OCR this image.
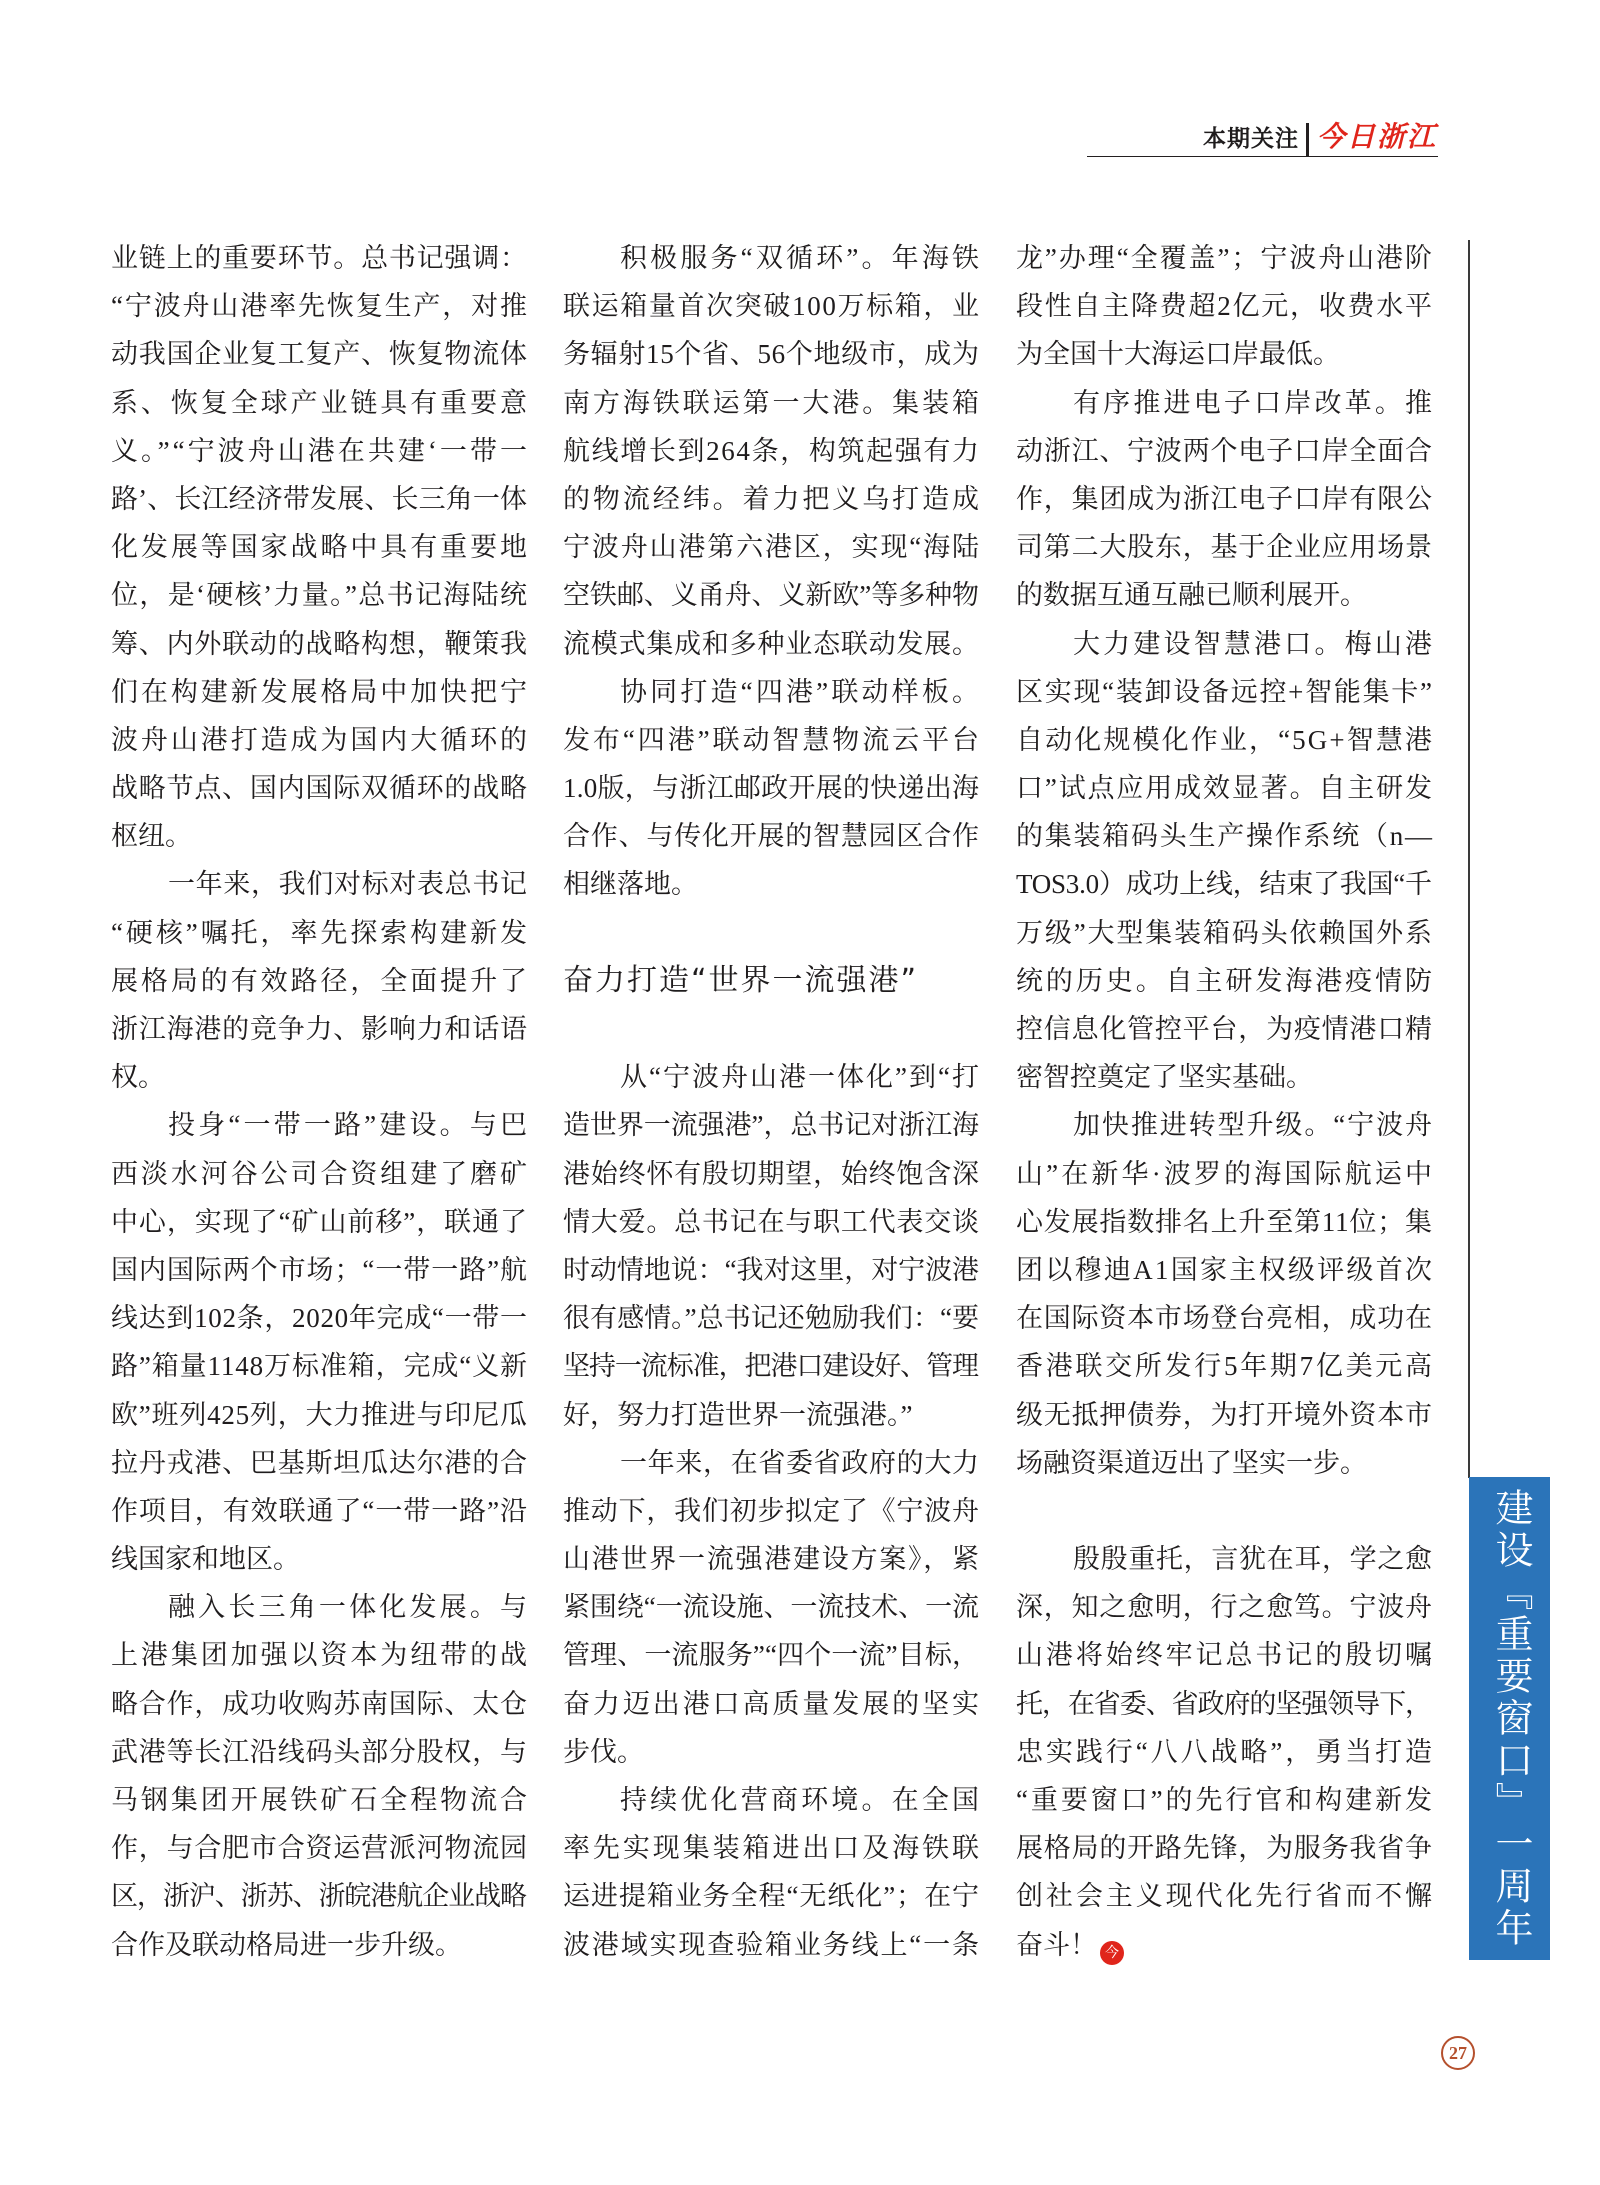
本期关注 今日浙江
业链上的重要环节。总书记强调：
“宁波舟山港率先恢复生产，对推
动我国企业复工复产、恢复物流体
系、恢复全球产业链具有重要意
义。”“宁波舟山港在共建‘一带一
路’、长江经济带发展、长三角一体
化发展等国家战略中具有重要地
位，是‘硬核’力量。”总书记海陆统
筹、内外联动的战略构想，鞭策我
们在构建新发展格局中加快把宁
波舟山港打造成为国内大循环的
战略节点、国内国际双循环的战略
枢纽。
一年来，我们对标对表总书记
“硬核”嘱托，率先探索构建新发
展格局的有效路径，全面提升了
浙江海港的竞争力、影响力和话语
权。
投身“一带一路”建设。与巴
西淡水河谷公司合资组建了磨矿
中心，实现了“矿山前移”，联通了
国内国际两个市场；“一带一路”航
线达到102条，2020年完成“一带一
路”箱量1148万标准箱，完成“义新
欧”班列425列，大力推进与印尼瓜
拉丹戎港、巴基斯坦瓜达尔港的合
作项目，有效联通了“一带一路”沿
线国家和地区。
融入长三角一体化发展。与
上港集团加强以资本为纽带的战
略合作，成功收购苏南国际、太仓
武港等长江沿线码头部分股权，与
马钢集团开展铁矿石全程物流合
作，与合肥市合资运营派河物流园
区，浙沪、浙苏、浙皖港航企业战略
合作及联动格局进一步升级。
积极服务“双循环”。年海铁
联运箱量首次突破100万标箱，业
务辐射15个省、56个地级市，成为
南方海铁联运第一大港。集装箱
航线增长到264条，构筑起强有力
的物流经纬。着力把义乌打造成
宁波舟山港第六港区，实现“海陆
空铁邮、义甬舟、义新欧”等多种物
流模式集成和多种业态联动发展。
协同打造“四港”联动样板。
发布“四港”联动智慧物流云平台
1.0版，与浙江邮政开展的快递出海
合作、与传化开展的智慧园区合作
相继落地。
奋力打造“世界一流强港”
从“宁波舟山港一体化”到“打
造世界一流强港”，总书记对浙江海
港始终怀有殷切期望，始终饱含深
情大爱。总书记在与职工代表交谈
时动情地说：“我对这里，对宁波港
很有感情。”总书记还勉励我们：“要
坚持一流标准，把港口建设好、管理
好，努力打造世界一流强港。”
一年来，在省委省政府的大力
推动下，我们初步拟定了《宁波舟
山港世界一流强港建设方案》，紧
紧围绕“一流设施、一流技术、一流
管理、一流服务”“四个一流”目标，
奋力迈出港口高质量发展的坚实
步伐。
持续优化营商环境。在全国
率先实现集装箱进出口及海铁联
运进提箱业务全程“无纸化”；在宁
波港域实现查验箱业务线上“一条
龙”办理“全覆盖”；宁波舟山港阶
段性自主降费超2亿元，收费水平
为全国十大海运口岸最低。
有序推进电子口岸改革。推
动浙江、宁波两个电子口岸全面合
作，集团成为浙江电子口岸有限公
司第二大股东，基于企业应用场景
的数据互通互融已顺利展开。
大力建设智慧港口。梅山港
区实现“装卸设备远控+智能集卡”
自动化规模化作业，“5G+智慧港
口”试点应用成效显著。自主研发
的集装箱码头生产操作系统（n—
TOS3.0）成功上线，结束了我国“千
万级”大型集装箱码头依赖国外系
统的历史。自主研发海港疫情防
控信息化管控平台，为疫情港口精
密智控奠定了坚实基础。
加快推进转型升级。“宁波舟
山”在新华·波罗的海国际航运中
心发展指数排名上升至第11位；集
团以穆迪A1国家主权级评级首次
在国际资本市场登台亮相，成功在
香港联交所发行5年期7亿美元高
级无抵押债券，为打开境外资本市
场融资渠道迈出了坚实一步。
殷殷重托，言犹在耳，学之愈
深，知之愈明，行之愈笃。宁波舟
山港将始终牢记总书记的殷切嘱
托，在省委、省政府的坚强领导下，
忠实践行“八八战略”，勇当打造
“重要窗口”的先行官和构建新发
展格局的开路先锋，为服务我省争
创社会主义现代化先行省而不懈
奋斗！ 今
建设『重要窗口』一周年
27
